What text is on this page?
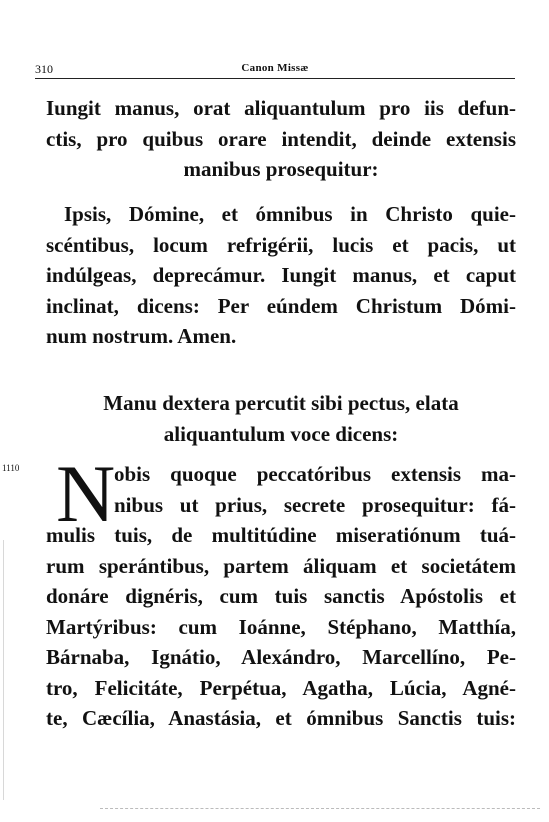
310	Canon Missæ
Iungit manus, orat aliquantulum pro iis defun-
ctis, pro quibus orare intendit, deinde extensis
manibus prosequitur:
Ipsis, Dómine, et ómnibus in Christo quie-
scéntibus, locum refrigérii, lucis et pacis, ut
indúlgeas, deprecámur. Iungit manus, et caput
inclinat, dicens: Per eúndem Christum Dómi-
num nostrum. Amen.
Manu dextera percutit sibi pectus, elata
aliquantulum voce dicens:
1110 N
obis quoque peccatóribus extensis ma-
nibus ut prius, secrete prosequitur: fá-
mulis tuis, de multitúdine miseratiónum tuá-
rum sperántibus, partem áliquam et societátem
donáre dignéris, cum tuis sanctis Apóstolis et
Martýribus: cum Ioánne, Stéphano, Matthía,
Bárnaba, Ignátio, Alexándro, Marcellíno, Pe-
tro, Felicitáte, Perpétua, Agatha, Lúcia, Agné-
te, Cæcília, Anastásia, et ómnibus Sanctis tuis:
